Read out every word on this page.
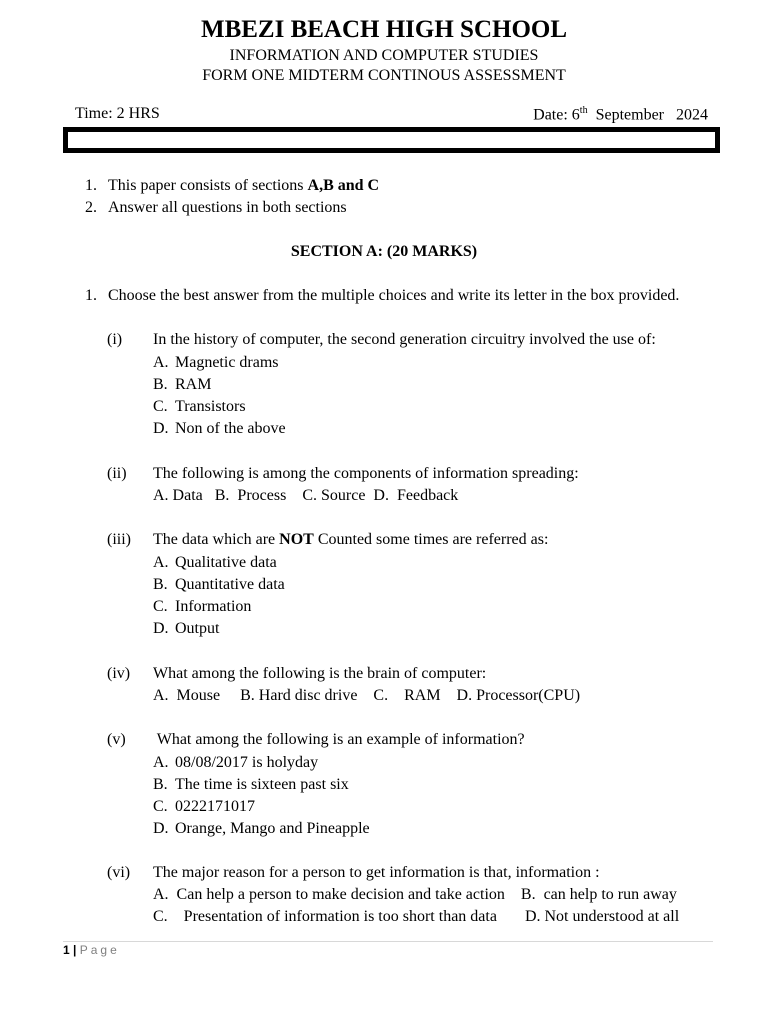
MBEZI BEACH HIGH SCHOOL
INFORMATION AND COMPUTER STUDIES
FORM ONE MIDTERM CONTINOUS ASSESSMENT
Time: 2 HRS	Date: 6th  September   2024
1. This paper consists of sections A,B and C
2. Answer all questions in both sections
SECTION A: (20 MARKS)
1. Choose the best answer from the multiple choices and write its letter in the box provided.
(i) In the history of computer, the second generation circuitry involved the use of:
A. Magnetic drams
B. RAM
C. Transistors
D. Non of the above
(ii) The following is among the components of information spreading:
A. Data   B.  Process    C. Source  D.  Feedback
(iii) The data which are NOT Counted some times are referred as:
A. Qualitative data
B. Quantitative data
C. Information
D. Output
(iv) What among the following is the brain of computer:
A.  Mouse     B. Hard disc drive    C.    RAM    D. Processor(CPU)
(v) What among the following is an example of information?
A. 08/08/2017 is holyday
B. The time is sixteen past six
C. 0222171017
D. Orange, Mango and Pineapple
(vi) The major reason for a person to get information is that, information :
A.  Can help a person to make decision and take action    B.  can help to run away
C.    Presentation of information is too short than data       D. Not understood at all
1 | Page
